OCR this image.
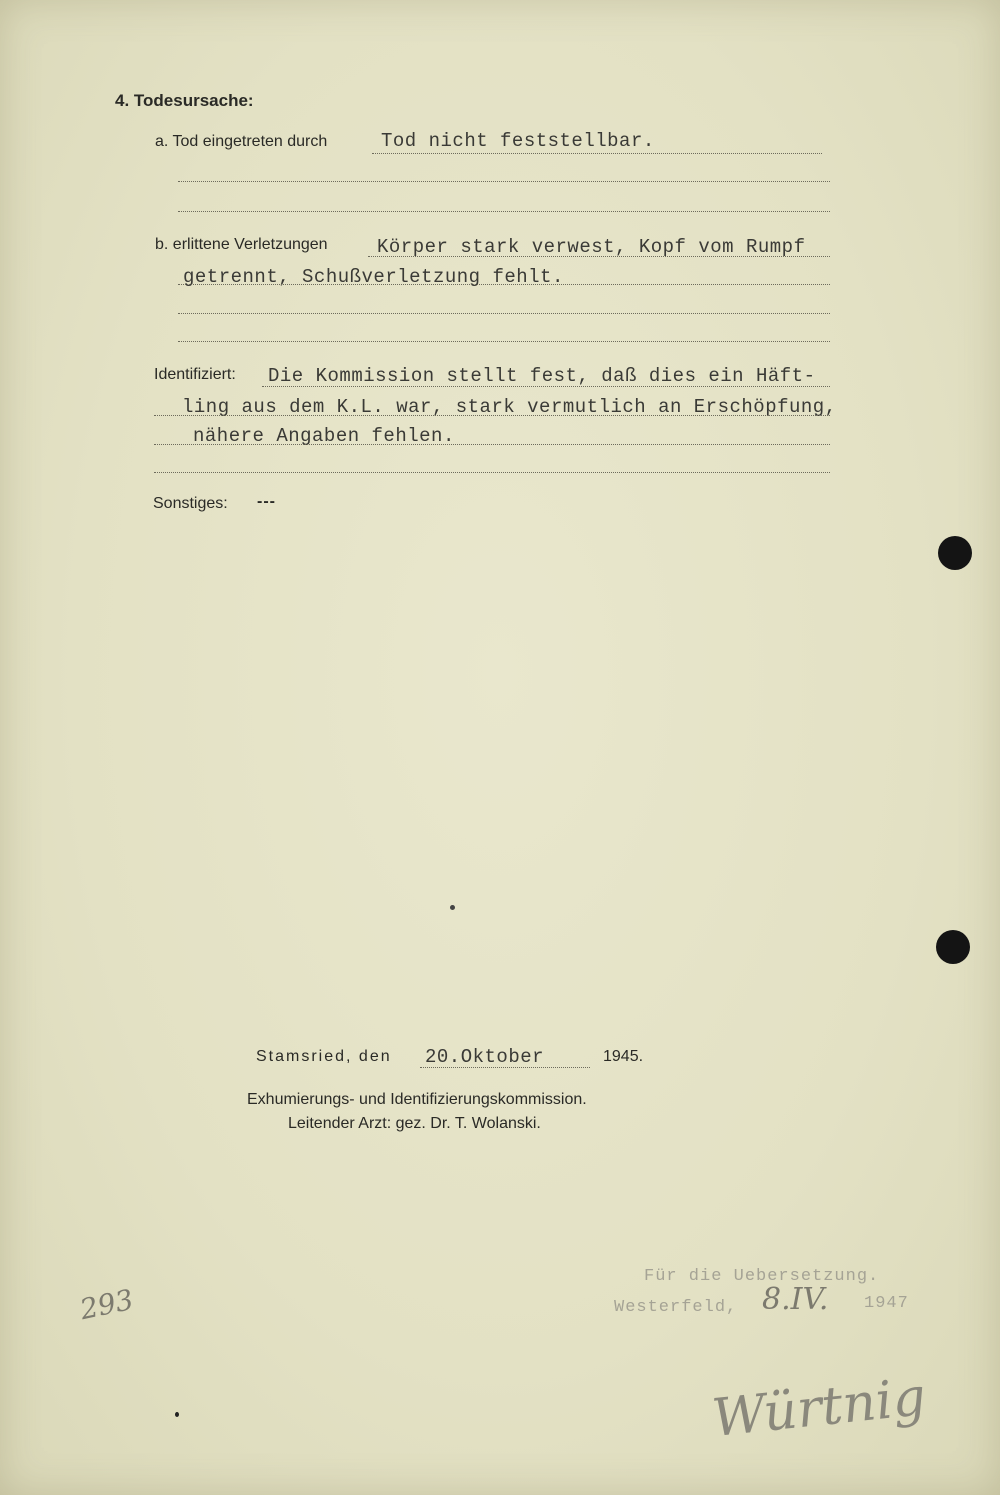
4. Todesursache:
a. Tod eingetreten durch	Tod nicht feststellbar.
b. erlittene Verletzungen	Körper stark verwest, Kopf vom Rumpf
getrennt, Schußverletzung fehlt.
Identifiziert: Die Kommission stellt fest, daß dies ein Häft-
ling aus dem K.L. war, stark vermutlich an Erschöpfung,
nähere Angaben fehlen.
Sonstiges: ---
Stamsried, den 20.Oktober	1945.
Exhumierungs- und Identifizierungskommission.
Leitender Arzt: gez. Dr. T. Wolanski.
Für die Uebersetzung.
Westerfeld, 8.IV. 1947
293
Würtnig
